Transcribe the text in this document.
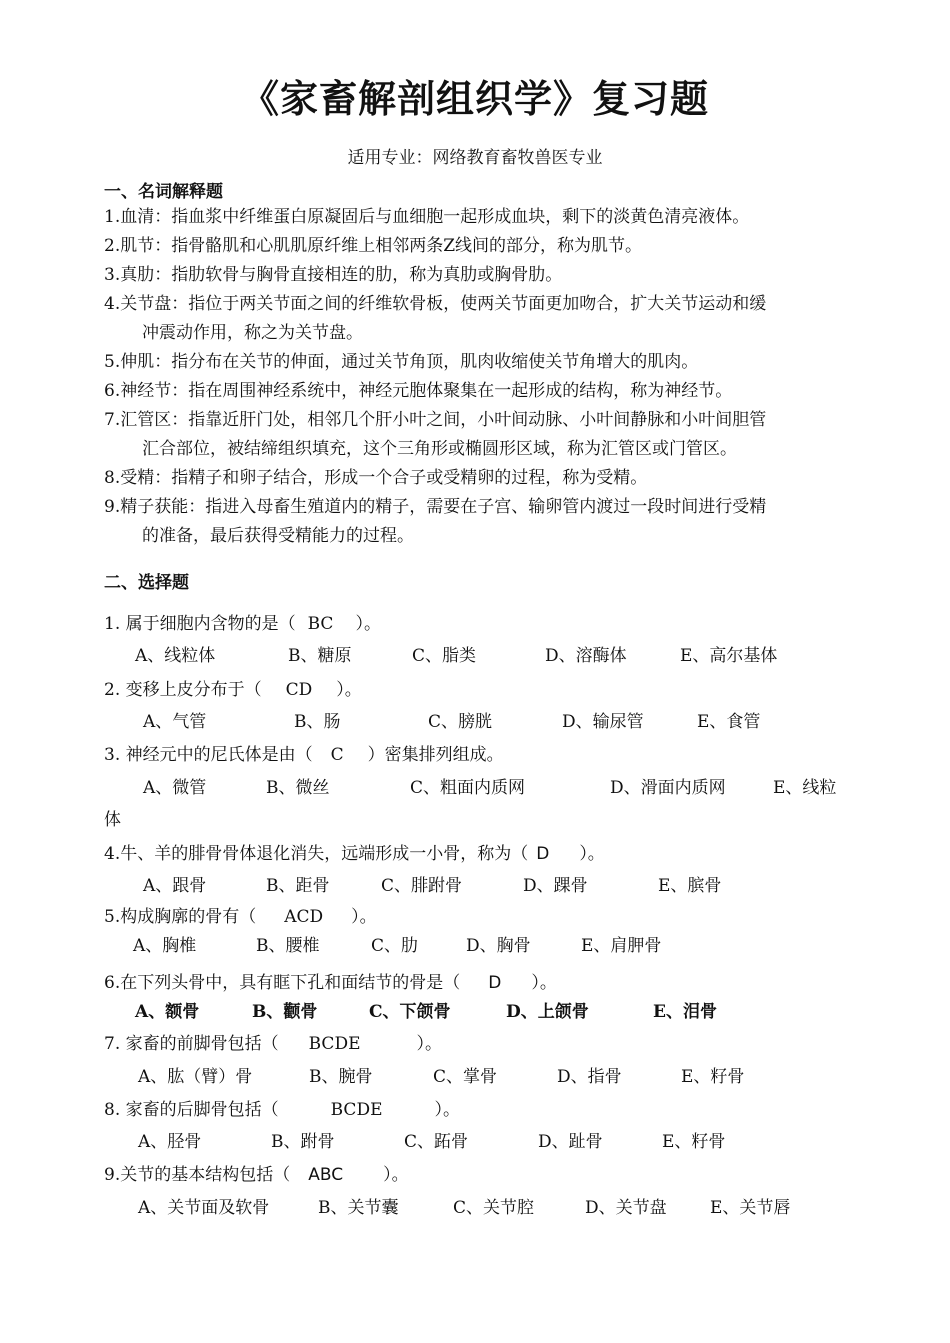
《家畜解剖组织学》复习题
适用专业：网络教育畜牧兽医专业
一、名词解释题
1.血清：指血浆中纤维蛋白原凝固后与血细胞一起形成血块，剩下的淡黄色清亮液体。
2.肌节：指骨骼肌和心肌肌原纤维上相邻两条Z线间的部分，称为肌节。
3.真肋：指肋软骨与胸骨直接相连的肋，称为真肋或胸骨肋。
4.关节盘：指位于两关节面之间的纤维软骨板，使两关节面更加吻合，扩大关节运动和缓
冲震动作用，称之为关节盘。
5.伸肌：指分布在关节的伸面，通过关节角顶，肌肉收缩使关节角增大的肌肉。
6.神经节：指在周围神经系统中，神经元胞体聚集在一起形成的结构，称为神经节。
7.汇管区：指靠近肝门处，相邻几个肝小叶之间，小叶间动脉、小叶间静脉和小叶间胆管
汇合部位，被结缔组织填充，这个三角形或椭圆形区域，称为汇管区或门管区。
8.受精：指精子和卵子结合，形成一个合子或受精卵的过程，称为受精。
9.精子获能：指进入母畜生殖道内的精子，需要在子宫、输卵管内渡过一段时间进行受精
的准备，最后获得受精能力的过程。
二、选择题
1. 属于细胞内含物的是（ BC ）。
A、线粒体	B、糖原	C、脂类	D、溶酶体	E、高尔基体
2. 变移上皮分布于（ CD ）。
A、气管	B、肠	C、膀胱	D、输尿管	E、食管
3. 神经元中的尼氏体是由（ C ）密集排列组成。
A、微管	B、微丝	C、粗面内质网	D、滑面内质网	E、线粒
体
4.牛、羊的腓骨骨体退化消失，远端形成一小骨，称为（ D ）。
A、跟骨	B、距骨	C、腓跗骨	D、踝骨	E、膑骨
5.构成胸廓的骨有（ ACD ）。
A、胸椎	B、腰椎	C、肋	D、胸骨	E、肩胛骨
6.在下列头骨中，具有眶下孔和面结节的骨是（ D ）。
A、额骨	B、颧骨	C、下颌骨	D、上颌骨	E、泪骨
7. 家畜的前脚骨包括（ BCDE	）。
A、肱（臂）骨	B、腕骨	C、掌骨	D、指骨	E、籽骨
8. 家畜的后脚骨包括（	BCDE	）。
A、胫骨	B、跗骨	C、跖骨	D、趾骨	E、籽骨
9.关节的基本结构包括（ ABC ）。
A、关节面及软骨	B、关节囊	C、关节腔	D、关节盘	E、关节唇
